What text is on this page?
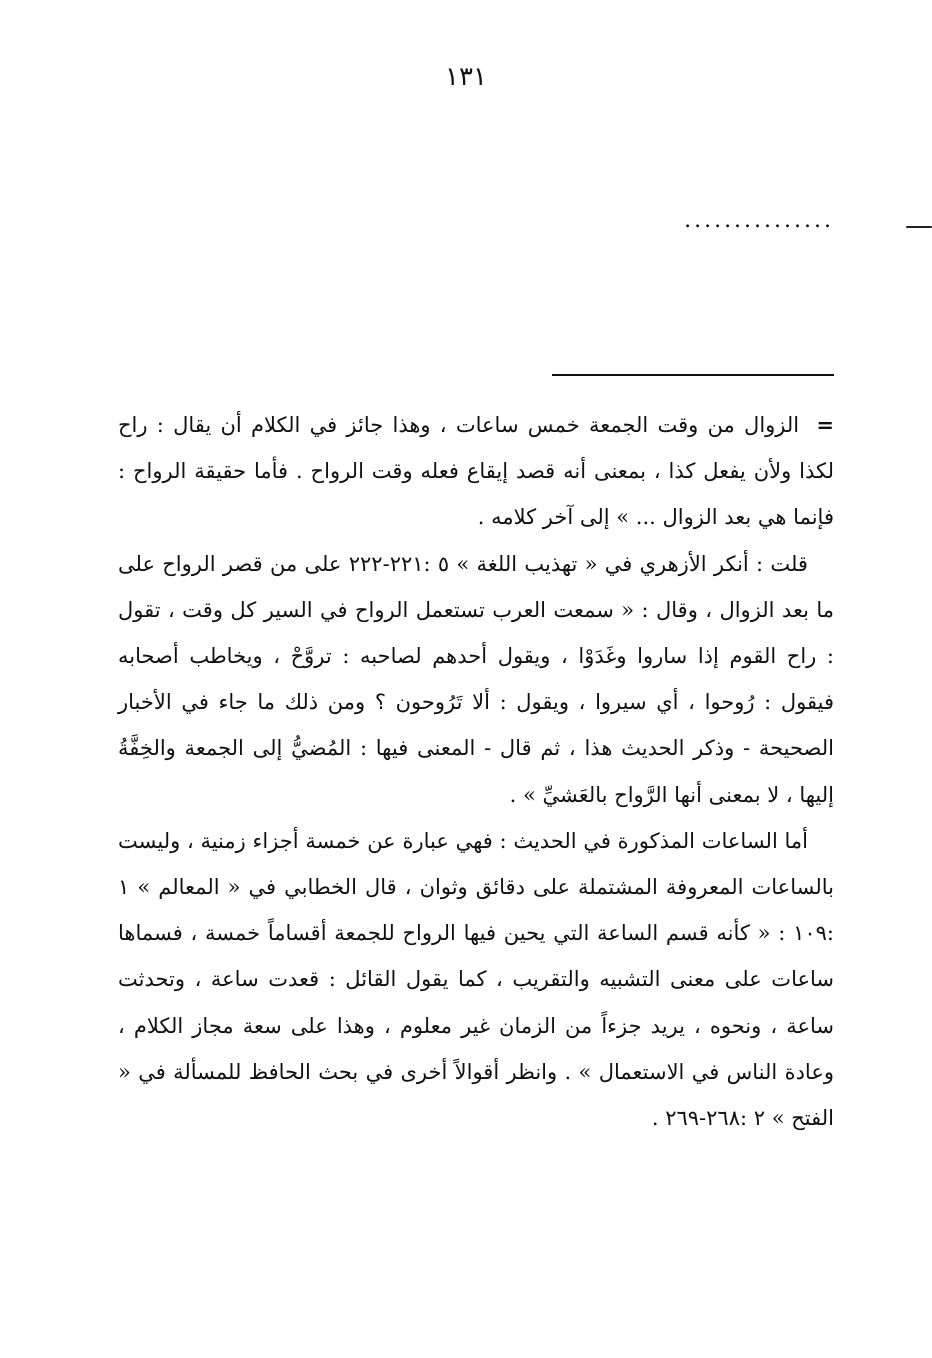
١٣١
...............

= الزوال من وقت الجمعة خمس ساعات ، وهذا جائز في الكلام أن يقال : راح لكذا ولأن يفعل كذا ، بمعنى أنه قصد إيقاع فعله وقت الرواح . فأما حقيقة الرواح : فإنما هي بعد الزوال ... » إلى آخر كلامه .

قلت : أنكر الأزهري في « تهذيب اللغة » ٥ :٢٢١-٢٢٢ على من قصر الرواح على ما بعد الزوال ، وقال : « سمعت العرب تستعمل الرواح في السير كل وقت ، تقول : راح القوم إذا ساروا وغَدَوْا ، ويقول أحدهم لصاحبه : تروَّحْ ، ويخاطب أصحابه فيقول : رُوحوا ، أي سيروا ، ويقول : ألا تَرُوحون ؟ ومن ذلك ما جاء في الأخبار الصحيحة - وذكر الحديث هذا ، ثم قال - المعنى فيها : المُضيُّ إلى الجمعة والخِفَّةُ إليها ، لا بمعنى أنها الرَّواح بالعَشيِّ » .

أما الساعات المذكورة في الحديث : فهي عبارة عن خمسة أجزاء زمنية ، وليست بالساعات المعروفة المشتملة على دقائق وثوان ، قال الخطابي في « المعالم » ١ :١٠٩ : « كأنه قسم الساعة التي يحين فيها الرواح للجمعة أقساماً خمسة ، فسماها ساعات على معنى التشبيه والتقريب ، كما يقول القائل : قعدت ساعة ، وتحدثت ساعة ، ونحوه ، يريد جزءاً من الزمان غير معلوم ، وهذا على سعة مجاز الكلام ، وعادة الناس في الاستعمال » . وانظر أقوالاً أخرى في بحث الحافظ للمسألة في « الفتح » ٢ :٢٦٨-٢٦٩ .
